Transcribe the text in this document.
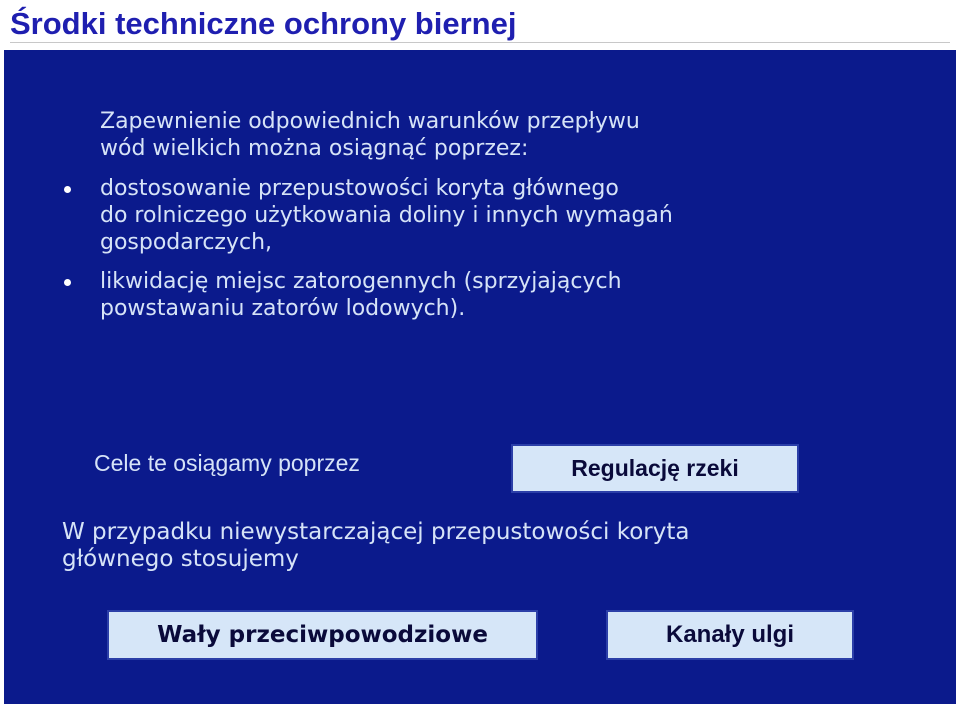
Środki techniczne ochrony biernej
Zapewnienie odpowiednich warunków przepływu
wód wielkich można osiągnąć poprzez:
dostosowanie przepustowości koryta głównego
do rolniczego użytkowania doliny i innych wymagań
gospodarczych,
likwidację miejsc zatorogennych (sprzyjających
powstawaniu zatorów lodowych).
Cele te osiągamy poprzez	Regulację rzeki
W przypadku niewystarczającej przepustowości koryta
głównego stosujemy
Wały przeciwpowodziowe	Kanały ulgi
